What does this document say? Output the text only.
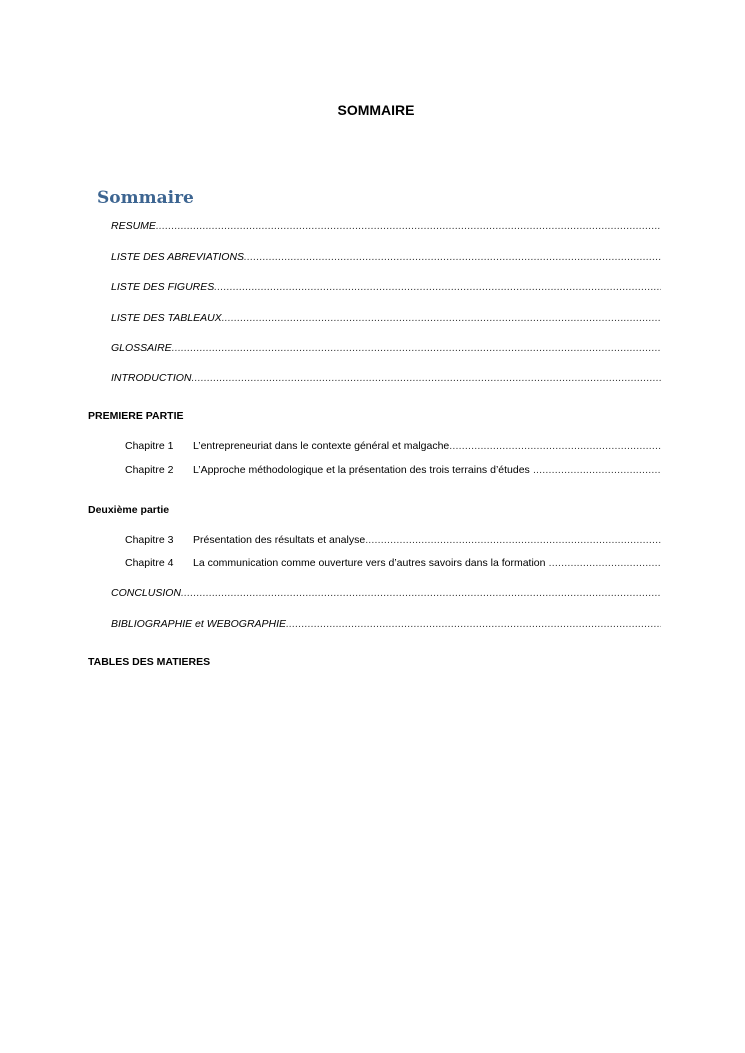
SOMMAIRE
Sommaire
RESUME
.....
LISTE DES ABREVIATIONS
.....
LISTE DES FIGURES
.....
LISTE DES TABLEAUX
.....
GLOSSAIRE
.....
INTRODUCTION
.....
PREMIERE PARTIE
Chapitre 1	L’entrepreneuriat dans le contexte général et malgache
.....
Chapitre 2	L’Approche méthodologique et la présentation des trois terrains d’études
.....
Deuxième partie
Chapitre 3	Présentation des résultats et analyse
.....
Chapitre 4	La communication comme ouverture vers d’autres savoirs dans la formation
.....
CONCLUSION
.....
BIBLIOGRAPHIE et WEBOGRAPHIE
.....
TABLES DES MATIERES
